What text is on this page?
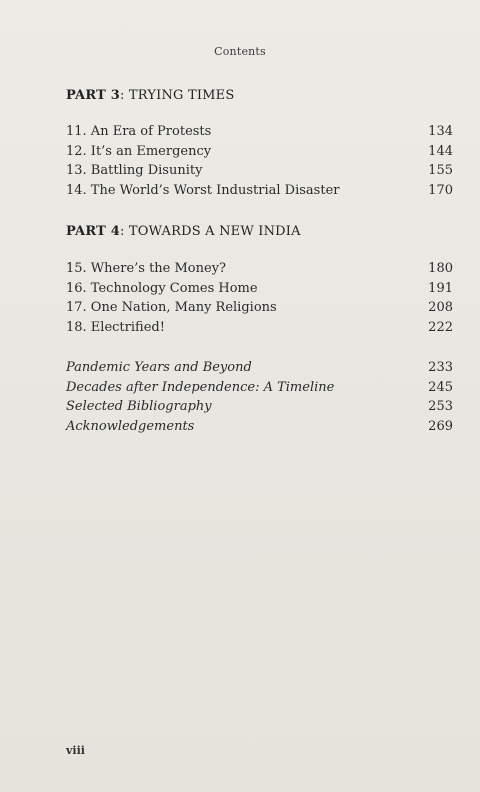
Contents
PART 3: TRYING TIMES
11. An Era of Protests	134
12. It’s an Emergency	144
13. Battling Disunity	155
14. The World’s Worst Industrial Disaster	170
PART 4: TOWARDS A NEW INDIA
15. Where’s the Money?	180
16. Technology Comes Home	191
17. One Nation, Many Religions	208
18. Electrified!	222
Pandemic Years and Beyond	233
Decades after Independence: A Timeline	245
Selected Bibliography	253
Acknowledgements	269
viii
